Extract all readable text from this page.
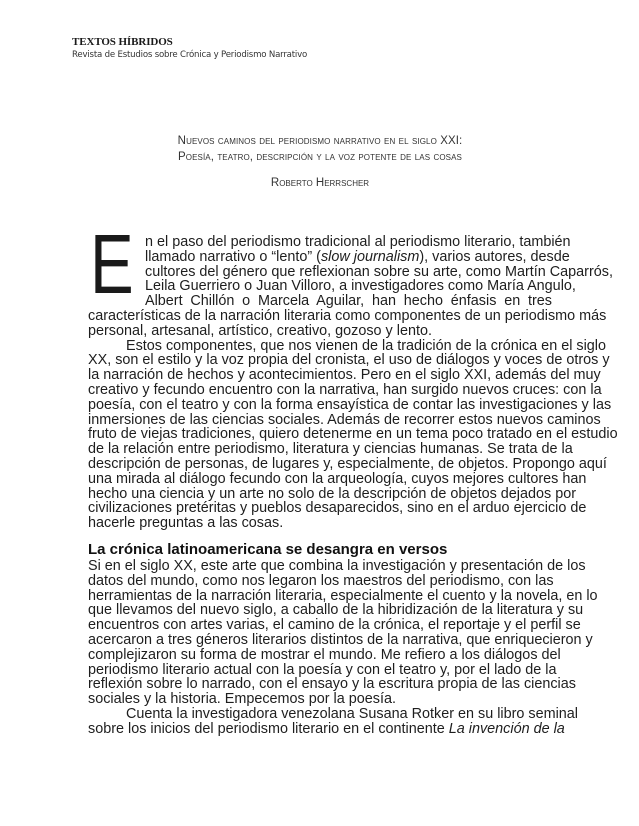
TEXTOS HÍBRIDOS
Revista de Estudios sobre Crónica y Periodismo Narrativo
Nuevos caminos del periodismo narrativo en el siglo XXI:
Poesía, teatro, descripción y la voz potente de las cosas
Roberto Herrscher
E n el paso del periodismo tradicional al periodismo literario, también
llamado narrativo o “lento” (slow journalism), varios autores, desde
cultores del género que reflexionan sobre su arte, como Martín Caparrós,
Leila Guerriero o Juan Villoro, a investigadores como María Angulo,
Albert Chillón o Marcela Aguilar, han hecho énfasis en tres
características de la narración literaria como componentes de un periodismo más
personal, artesanal, artístico, creativo, gozoso y lento.
Estos componentes, que nos vienen de la tradición de la crónica en el siglo
XX, son el estilo y la voz propia del cronista, el uso de diálogos y voces de otros y
la narración de hechos y acontecimientos. Pero en el siglo XXI, además del muy
creativo y fecundo encuentro con la narrativa, han surgido nuevos cruces: con la
poesía, con el teatro y con la forma ensayística de contar las investigaciones y las
inmersiones de las ciencias sociales. Además de recorrer estos nuevos caminos
fruto de viejas tradiciones, quiero detenerme en un tema poco tratado en el estudio
de la relación entre periodismo, literatura y ciencias humanas. Se trata de la
descripción de personas, de lugares y, especialmente, de objetos. Propongo aquí
una mirada al diálogo fecundo con la arqueología, cuyos mejores cultores han
hecho una ciencia y un arte no solo de la descripción de objetos dejados por
civilizaciones pretéritas y pueblos desaparecidos, sino en el arduo ejercicio de
hacerle preguntas a las cosas.
Si en el siglo XX, este arte que combina la investigación y presentación de los
datos del mundo, como nos legaron los maestros del periodismo, con las
herramientas de la narración literaria, especialmente el cuento y la novela, en lo
que llevamos del nuevo siglo, a caballo de la hibridización de la literatura y su
encuentros con artes varias, el camino de la crónica, el reportaje y el perfil se
acercaron a tres géneros literarios distintos de la narrativa, que enriquecieron y
complejizaron su forma de mostrar el mundo. Me refiero a los diálogos del
periodismo literario actual con la poesía y con el teatro y, por el lado de la
reflexión sobre lo narrado, con el ensayo y la escritura propia de las ciencias
sociales y la historia. Empecemos por la poesía.
Cuenta la investigadora venezolana Susana Rotker en su libro seminal
sobre los inicios del periodismo literario en el continente La invención de la
La crónica latinoamericana se desangra en versos
